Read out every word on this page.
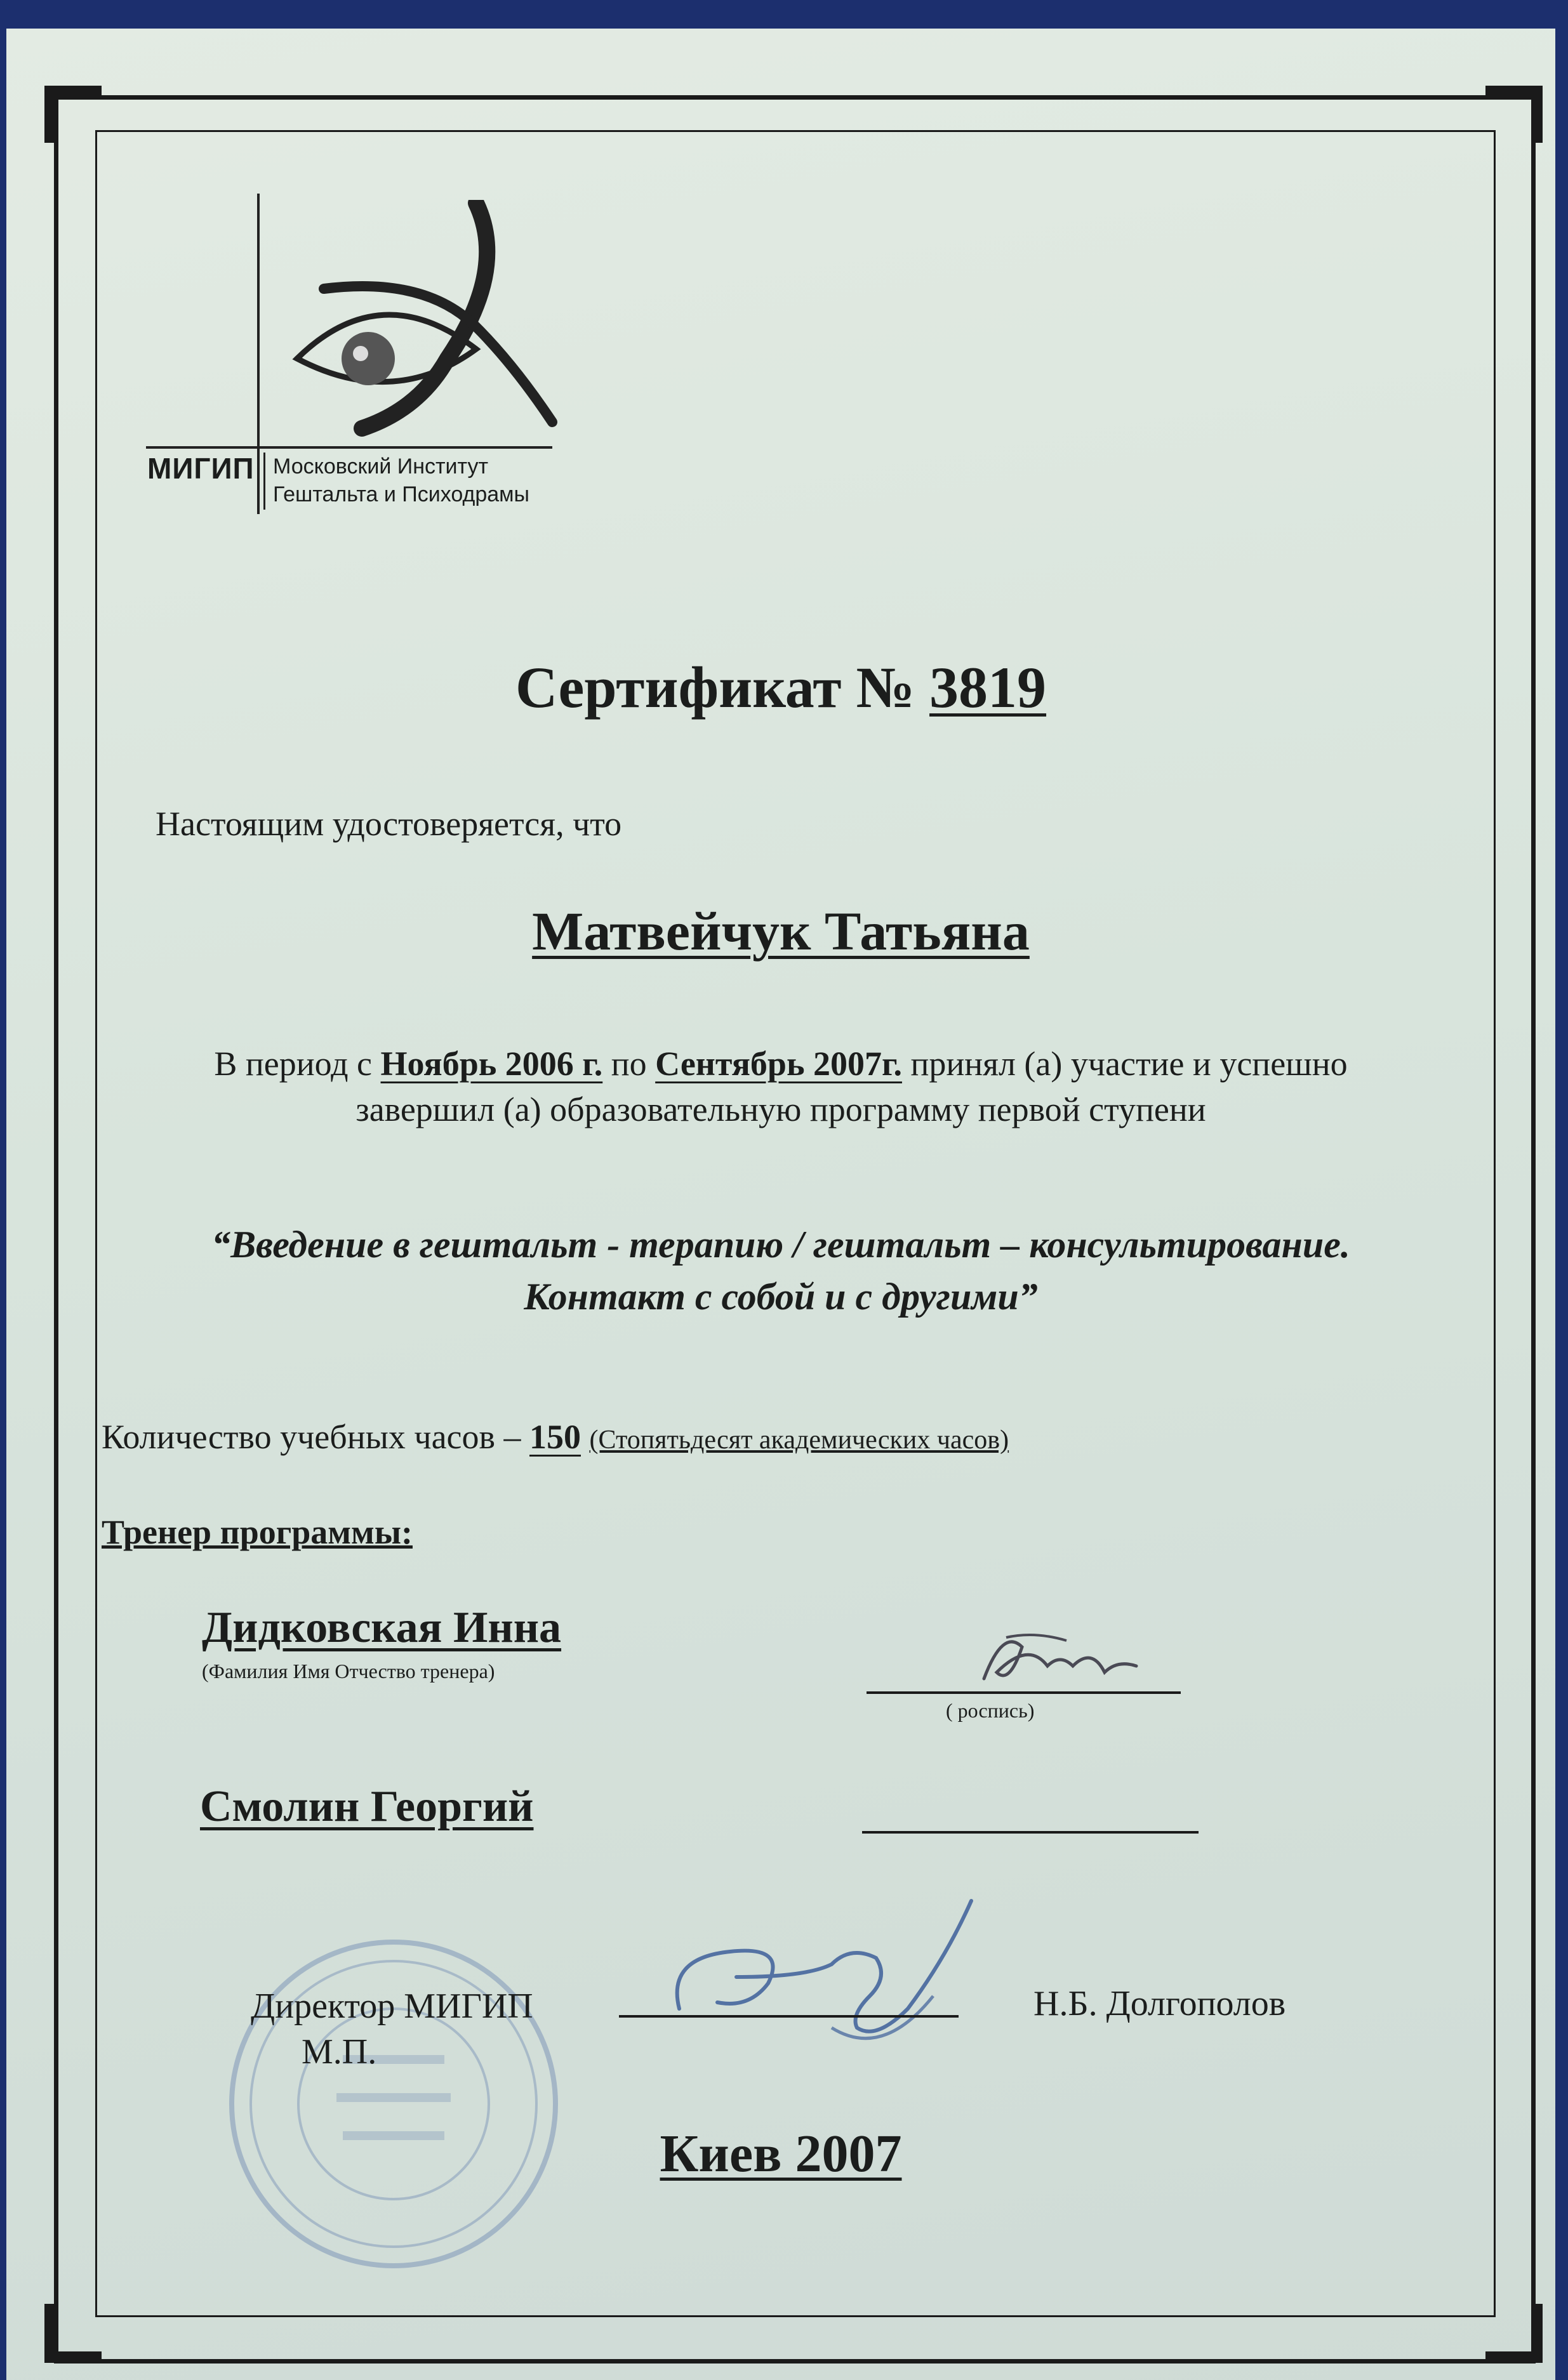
МИГИП Московский Институт
Гештальта и Психодрамы
Сертификат № 3819
Настоящим удостоверяется, что
Матвейчук Татьяна
В период с Ноябрь 2006 г. по Сентябрь 2007г. принял (а) участие и успешно
завершил (а) образовательную программу первой ступени
“Введение в гештальт - терапию / гештальт – консультирование.
Контакт с собой и с другими”
Количество учебных часов – 150 (Стопятьдесят академических часов)
Тренер программы:
Дидковская Инна
(Фамилия Имя Отчество тренера)
( роспись)
Смолин Георгий
Директор МИГИП
М.П.
Н.Б. Долгополов
Киев 2007
